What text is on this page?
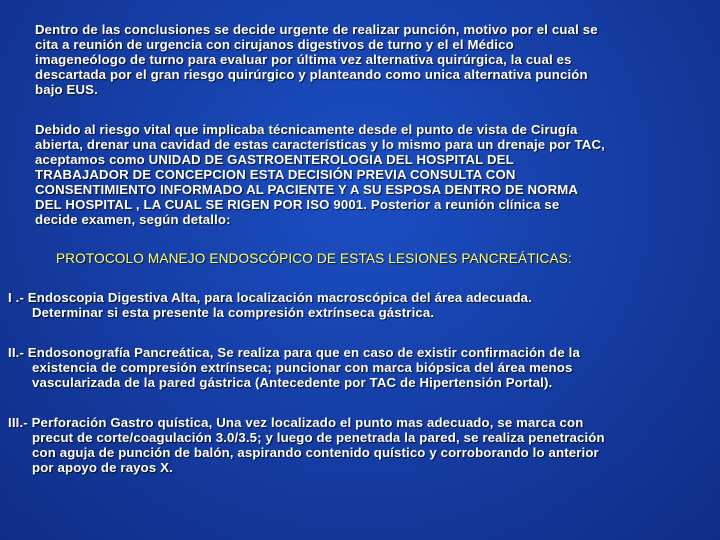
Dentro de las conclusiones se decide urgente de realizar punción, motivo por el cual se
cita a reunión de urgencia con cirujanos digestivos de turno y el el Médico
imageneólogo de turno para evaluar por última vez alternativa quirúrgica, la cual es
descartada por el gran riesgo quirúrgico y planteando como unica alternativa punción
bajo EUS.
Debido al riesgo vital que implicaba técnicamente desde el punto de vista de Cirugía
abierta, drenar una cavidad de estas características y lo mismo para un drenaje por TAC,
aceptamos como UNIDAD DE GASTROENTEROLOGIA DEL HOSPITAL DEL
TRABAJADOR DE CONCEPCION ESTA DECISIÓN PREVIA CONSULTA CON
CONSENTIMIENTO INFORMADO AL PACIENTE Y A SU ESPOSA DENTRO DE NORMA
DEL HOSPITAL , LA CUAL SE RIGEN POR ISO 9001. Posterior a reunión clínica se
decide examen, según detallo:
PROTOCOLO MANEJO ENDOSCÓPICO DE ESTAS LESIONES PANCREÁTICAS:
I .- Endoscopia Digestiva Alta, para localización macroscópica del área adecuada.
Determinar si esta presente la compresión extrínseca gástrica.
II.- Endosonografía Pancreática, Se realiza para que en caso de existir confirmación de la
existencia de compresión extrínseca; puncionar con marca biópsica del área menos
vascularizada de la pared gástrica (Antecedente por TAC de Hipertensión Portal).
III.- Perforación Gastro quística, Una vez localizado el punto mas adecuado, se marca con
precut de corte/coagulación 3.0/3.5; y luego de penetrada la pared, se realiza penetración
con aguja de punción de balón, aspirando contenido quístico y corroborando lo anterior
por apoyo de rayos X.
